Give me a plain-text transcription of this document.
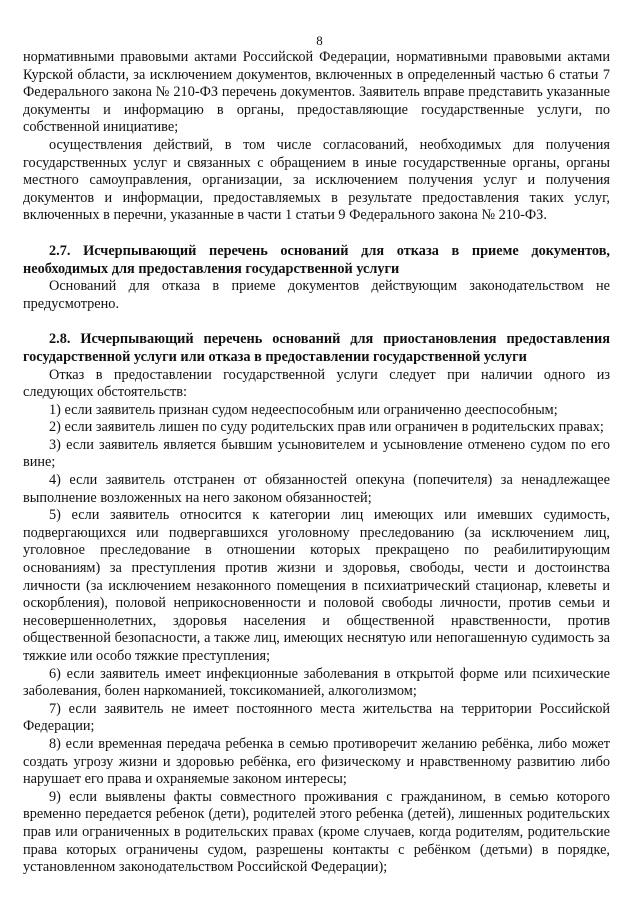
8

нормативными правовыми актами Российской Федерации, нормативными правовыми актами Курской области, за исключением документов, включенных в определенный частью 6 статьи 7 Федерального закона № 210-ФЗ перечень документов. Заявитель вправе представить указанные документы и информацию в органы, предоставляющие государственные услуги, по собственной инициативе;

осуществления действий, в том числе согласований, необходимых для получения государственных услуг и связанных с обращением в иные государственные органы, органы местного самоуправления, организации, за исключением получения услуг и получения документов и информации, предоставляемых в результате предоставления таких услуг, включенных в перечни, указанные в части 1 статьи 9 Федерального закона № 210-ФЗ.

2.7. Исчерпывающий перечень оснований для отказа в приеме документов, необходимых для предоставления государственной услуги

Оснований для отказа в приеме документов действующим законодательством не предусмотрено.

2.8. Исчерпывающий перечень оснований для приостановления предоставления государственной услуги или отказа в предоставлении государственной услуги

Отказ в предоставлении государственной услуги следует при наличии одного из следующих обстоятельств:

1) если заявитель признан судом недееспособным или ограниченно дееспособным;

2) если заявитель лишен по суду родительских прав или ограничен в родительских правах;

3) если заявитель является бывшим усыновителем и усыновление отменено судом по его вине;

4) если заявитель отстранен от обязанностей опекуна (попечителя) за ненадлежащее выполнение возложенных на него законом обязанностей;

5) если заявитель относится к категории лиц имеющих или имевших судимость, подвергающихся или подвергавшихся уголовному преследованию (за исключением лиц, уголовное преследование в отношении которых прекращено по реабилитирующим основаниям) за преступления против жизни и здоровья, свободы, чести и достоинства личности (за исключением незаконного помещения в психиатрический стационар, клеветы и оскорбления), половой неприкосновенности и половой свободы личности, против семьи и несовершеннолетних, здоровья населения и общественной нравственности, против общественной безопасности, а также лиц, имеющих неснятую или непогашенную судимость за тяжкие или особо тяжкие преступления;

6) если заявитель имеет инфекционные заболевания в открытой форме или психические заболевания, болен наркоманией, токсикоманией, алкоголизмом;

7) если заявитель не имеет постоянного места жительства на территории Российской Федерации;

8) если временная передача ребенка в семью противоречит желанию ребёнка, либо может создать угрозу жизни и здоровью ребёнка, его физическому и нравственному развитию либо нарушает его права и охраняемые законом интересы;

9) если выявлены факты совместного проживания с гражданином, в семью которого временно передается ребенок (дети), родителей этого ребенка (детей), лишенных родительских прав или ограниченных в родительских правах (кроме случаев, когда родителям, родительские права которых ограничены судом, разрешены контакты с ребёнком (детьми) в порядке, установленном законодательством Российской Федерации);
